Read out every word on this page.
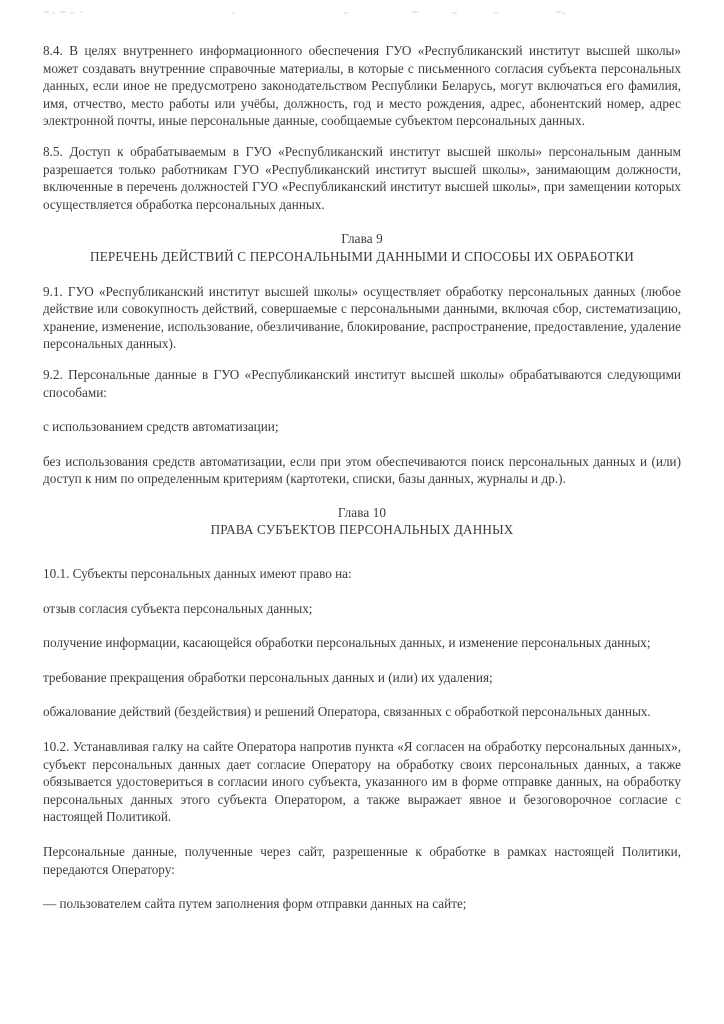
8.4. В целях внутреннего информационного обеспечения ГУО «Республиканский институт высшей школы» может создавать внутренние справочные материалы, в которые с письменного согласия субъекта персональных данных, если иное не предусмотрено законодательством Республики Беларусь, могут включаться его фамилия, имя, отчество, место работы или учёбы, должность, год и место рождения, адрес, абонентский номер, адрес электронной почты, иные персональные данные, сообщаемые субъектом персональных данных.

8.5. Доступ к обрабатываемым в ГУО «Республиканский институт высшей школы» персональным данным разрешается только работникам ГУО «Республиканский институт высшей школы», занимающим должности, включенные в перечень должностей ГУО «Республиканский институт высшей школы», при замещении которых осуществляется обработка персональных данных.

Глава 9
ПЕРЕЧЕНЬ ДЕЙСТВИЙ С ПЕРСОНАЛЬНЫМИ ДАННЫМИ И СПОСОБЫ ИХ ОБРАБОТКИ

9.1. ГУО «Республиканский институт высшей школы» осуществляет обработку персональных данных (любое действие или совокупность действий, совершаемые с персональными данными, включая сбор, систематизацию, хранение, изменение, использование, обезличивание, блокирование, распространение, предоставление, удаление персональных данных).

9.2. Персональные данные в ГУО «Республиканский институт высшей школы» обрабатываются следующими способами:

с использованием средств автоматизации;

без использования средств автоматизации, если при этом обеспечиваются поиск персональных данных и (или) доступ к ним по определенным критериям (картотеки, списки, базы данных, журналы и др.).

Глава 10
ПРАВА СУБЪЕКТОВ ПЕРСОНАЛЬНЫХ ДАННЫХ

10.1. Субъекты персональных данных имеют право на:

отзыв согласия субъекта персональных данных;

получение информации, касающейся обработки персональных данных, и изменение персональных данных;

требование прекращения обработки персональных данных и (или) их удаления;

обжалование действий (бездействия) и решений Оператора, связанных с обработкой персональных данных.

10.2. Устанавливая галку на сайте Оператора напротив пункта «Я согласен на обработку персональных данных», субъект персональных данных дает согласие Оператору на обработку своих персональных данных, а также обязывается удостовериться в согласии иного субъекта, указанного им в форме отправке данных, на обработку персональных данных этого субъекта Оператором, а также выражает явное и безоговорочное согласие с настоящей Политикой.

Персональные данные, полученные через сайт, разрешенные к обработке в рамках настоящей Политики, передаются Оператору:

— пользователем сайта путем заполнения форм отправки данных на сайте;
